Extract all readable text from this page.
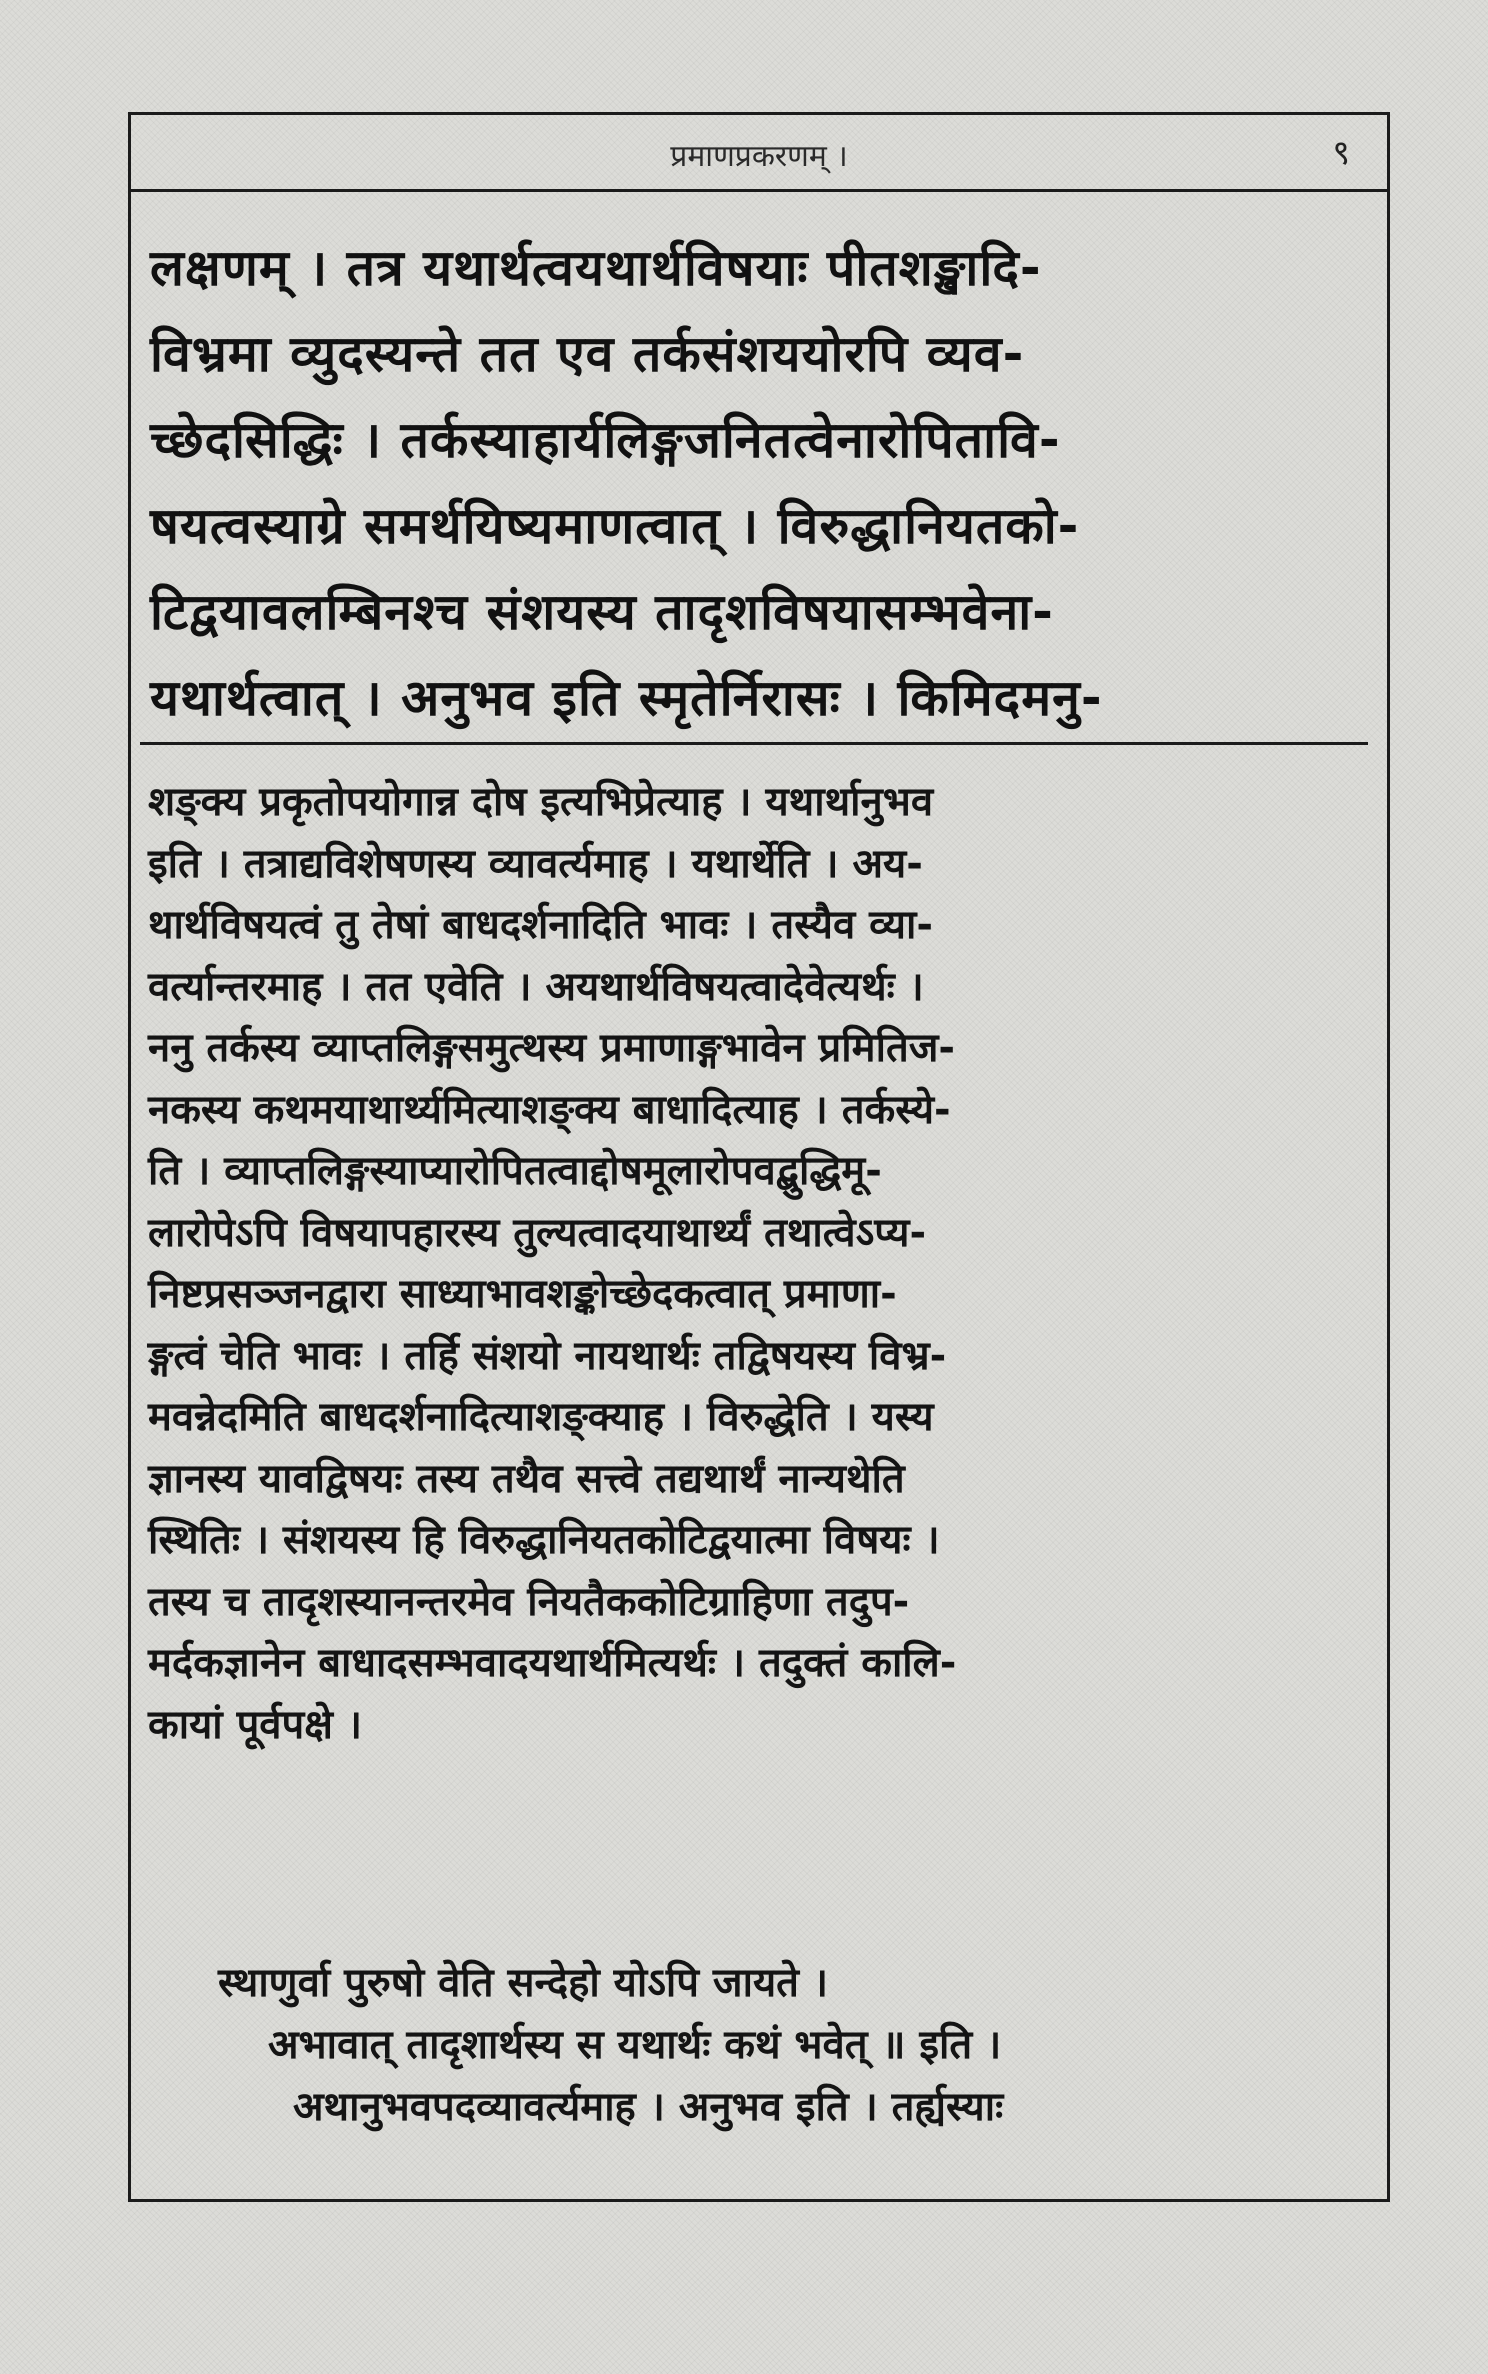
प्रमाणप्रकरणम् ।	९
लक्षणम् । तत्र यथार्थत्वयथार्थविषयाः पीतशङ्खादि-
विभ्रमा व्युदस्यन्ते तत एव तर्कसंशययोरपि व्यव-
च्छेदसिद्धिः । तर्कस्याहार्यलिङ्गजनितत्वेनारोपितावि-
षयत्वस्याग्रे समर्थयिष्यमाणत्वात् । विरुद्धानियतको-
टिद्वयावलम्बिनश्च संशयस्य तादृशविषयासम्भवेना-
यथार्थत्वात् । अनुभव इति स्मृतेर्निरासः । किमिदमनु-
शङ्क्य प्रकृतोपयोगान्न दोष इत्यभिप्रेत्याह । यथार्थानुभव
इति । तत्राद्यविशेषणस्य व्यावर्त्यमाह । यथार्थेति । अय-
थार्थविषयत्वं तु तेषां बाधदर्शनादिति भावः । तस्यैव व्या-
वर्त्यान्तरमाह । तत एवेति । अयथार्थविषयत्वादेवेत्यर्थः ।
ननु तर्कस्य व्याप्तलिङ्गसमुत्थस्य प्रमाणाङ्गभावेन प्रमितिज-
नकस्य कथमयाथार्थ्यमित्याशङ्क्य बाधादित्याह । तर्कस्ये-
ति । व्याप्तलिङ्गस्याप्यारोपितत्वाद्दोषमूलारोपवद्बुद्धिमू-
लारोपेऽपि विषयापहारस्य तुल्यत्वादयाथार्थ्यं तथात्वेऽप्य-
निष्टप्रसञ्जनद्वारा साध्याभावशङ्कोच्छेदकत्वात् प्रमाणा-
ङ्गत्वं चेति भावः । तर्हि संशयो नायथार्थः तद्विषयस्य विभ्र-
मवन्नेदमिति बाधदर्शनादित्याशङ्क्याह । विरुद्धेति । यस्य
ज्ञानस्य यावद्विषयः तस्य तथैव सत्त्वे तद्यथार्थं नान्यथेति
स्थितिः । संशयस्य हि विरुद्धानियतकोटिद्वयात्मा विषयः ।
तस्य च तादृशस्यानन्तरमेव नियतैककोटिग्राहिणा तदुप-
मर्दकज्ञानेन बाधादसम्भवादयथार्थमित्यर्थः । तदुक्तं कालि-
कायां पूर्वपक्षे ।
स्थाणुर्वा पुरुषो वेति सन्देहो योऽपि जायते ।
अभावात् तादृशार्थस्य स यथार्थः कथं भवेत् ॥ इति ।
अथानुभवपदव्यावर्त्यमाह । अनुभव इति । तर्ह्यस्याः
